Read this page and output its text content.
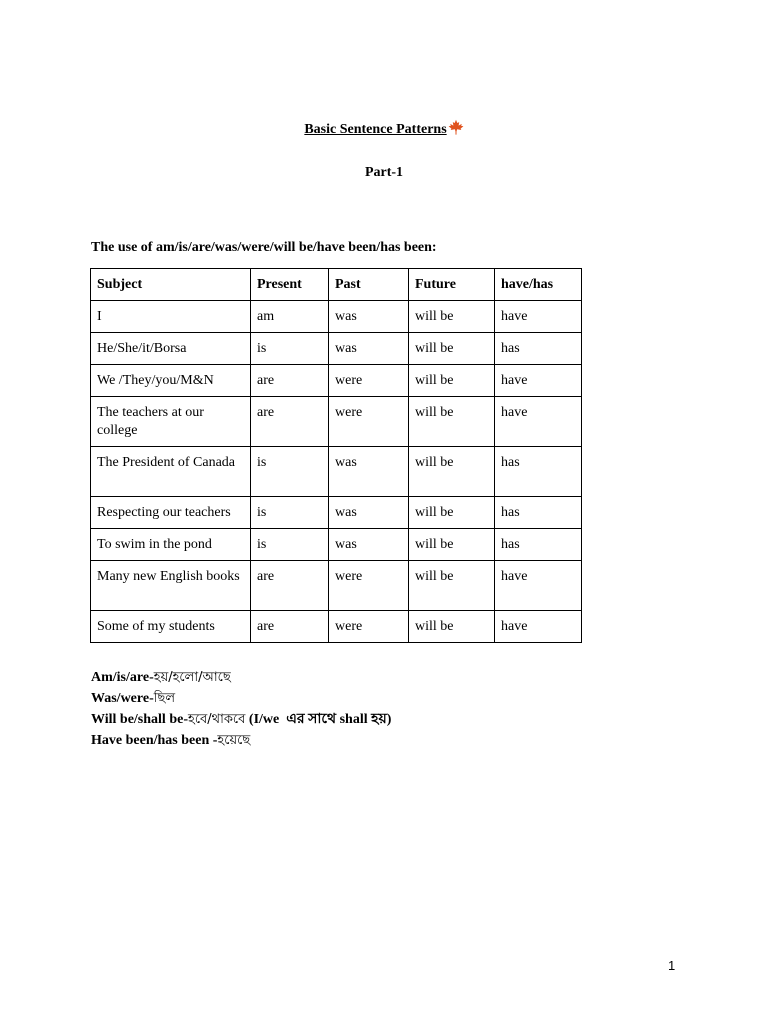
Basic Sentence Patterns
Part-1
The use of am/is/are/was/were/will be/have been/has been:
Subject	Present	Past	Future	have/has
I	am	was	will be	have
He/She/it/Borsa	is	was	will be	has
We /They/you/M&N	are	were	will be	have
The teachers at our college	are	were	will be	have
The President of Canada	is	was	will be	has
Respecting our teachers	is	was	will be	has
To swim in the pond	is	was	will be	has
Many new English books	are	were	will be	have
Some of my students	are	were	will be	have
Am/is/are-হয়/হলো/আছে
Was/were-ছিল
Will be/shall be-হবে/থাকবে (I/we  এর সাথে shall হয়)
Have been/has been -হয়েছে
1
